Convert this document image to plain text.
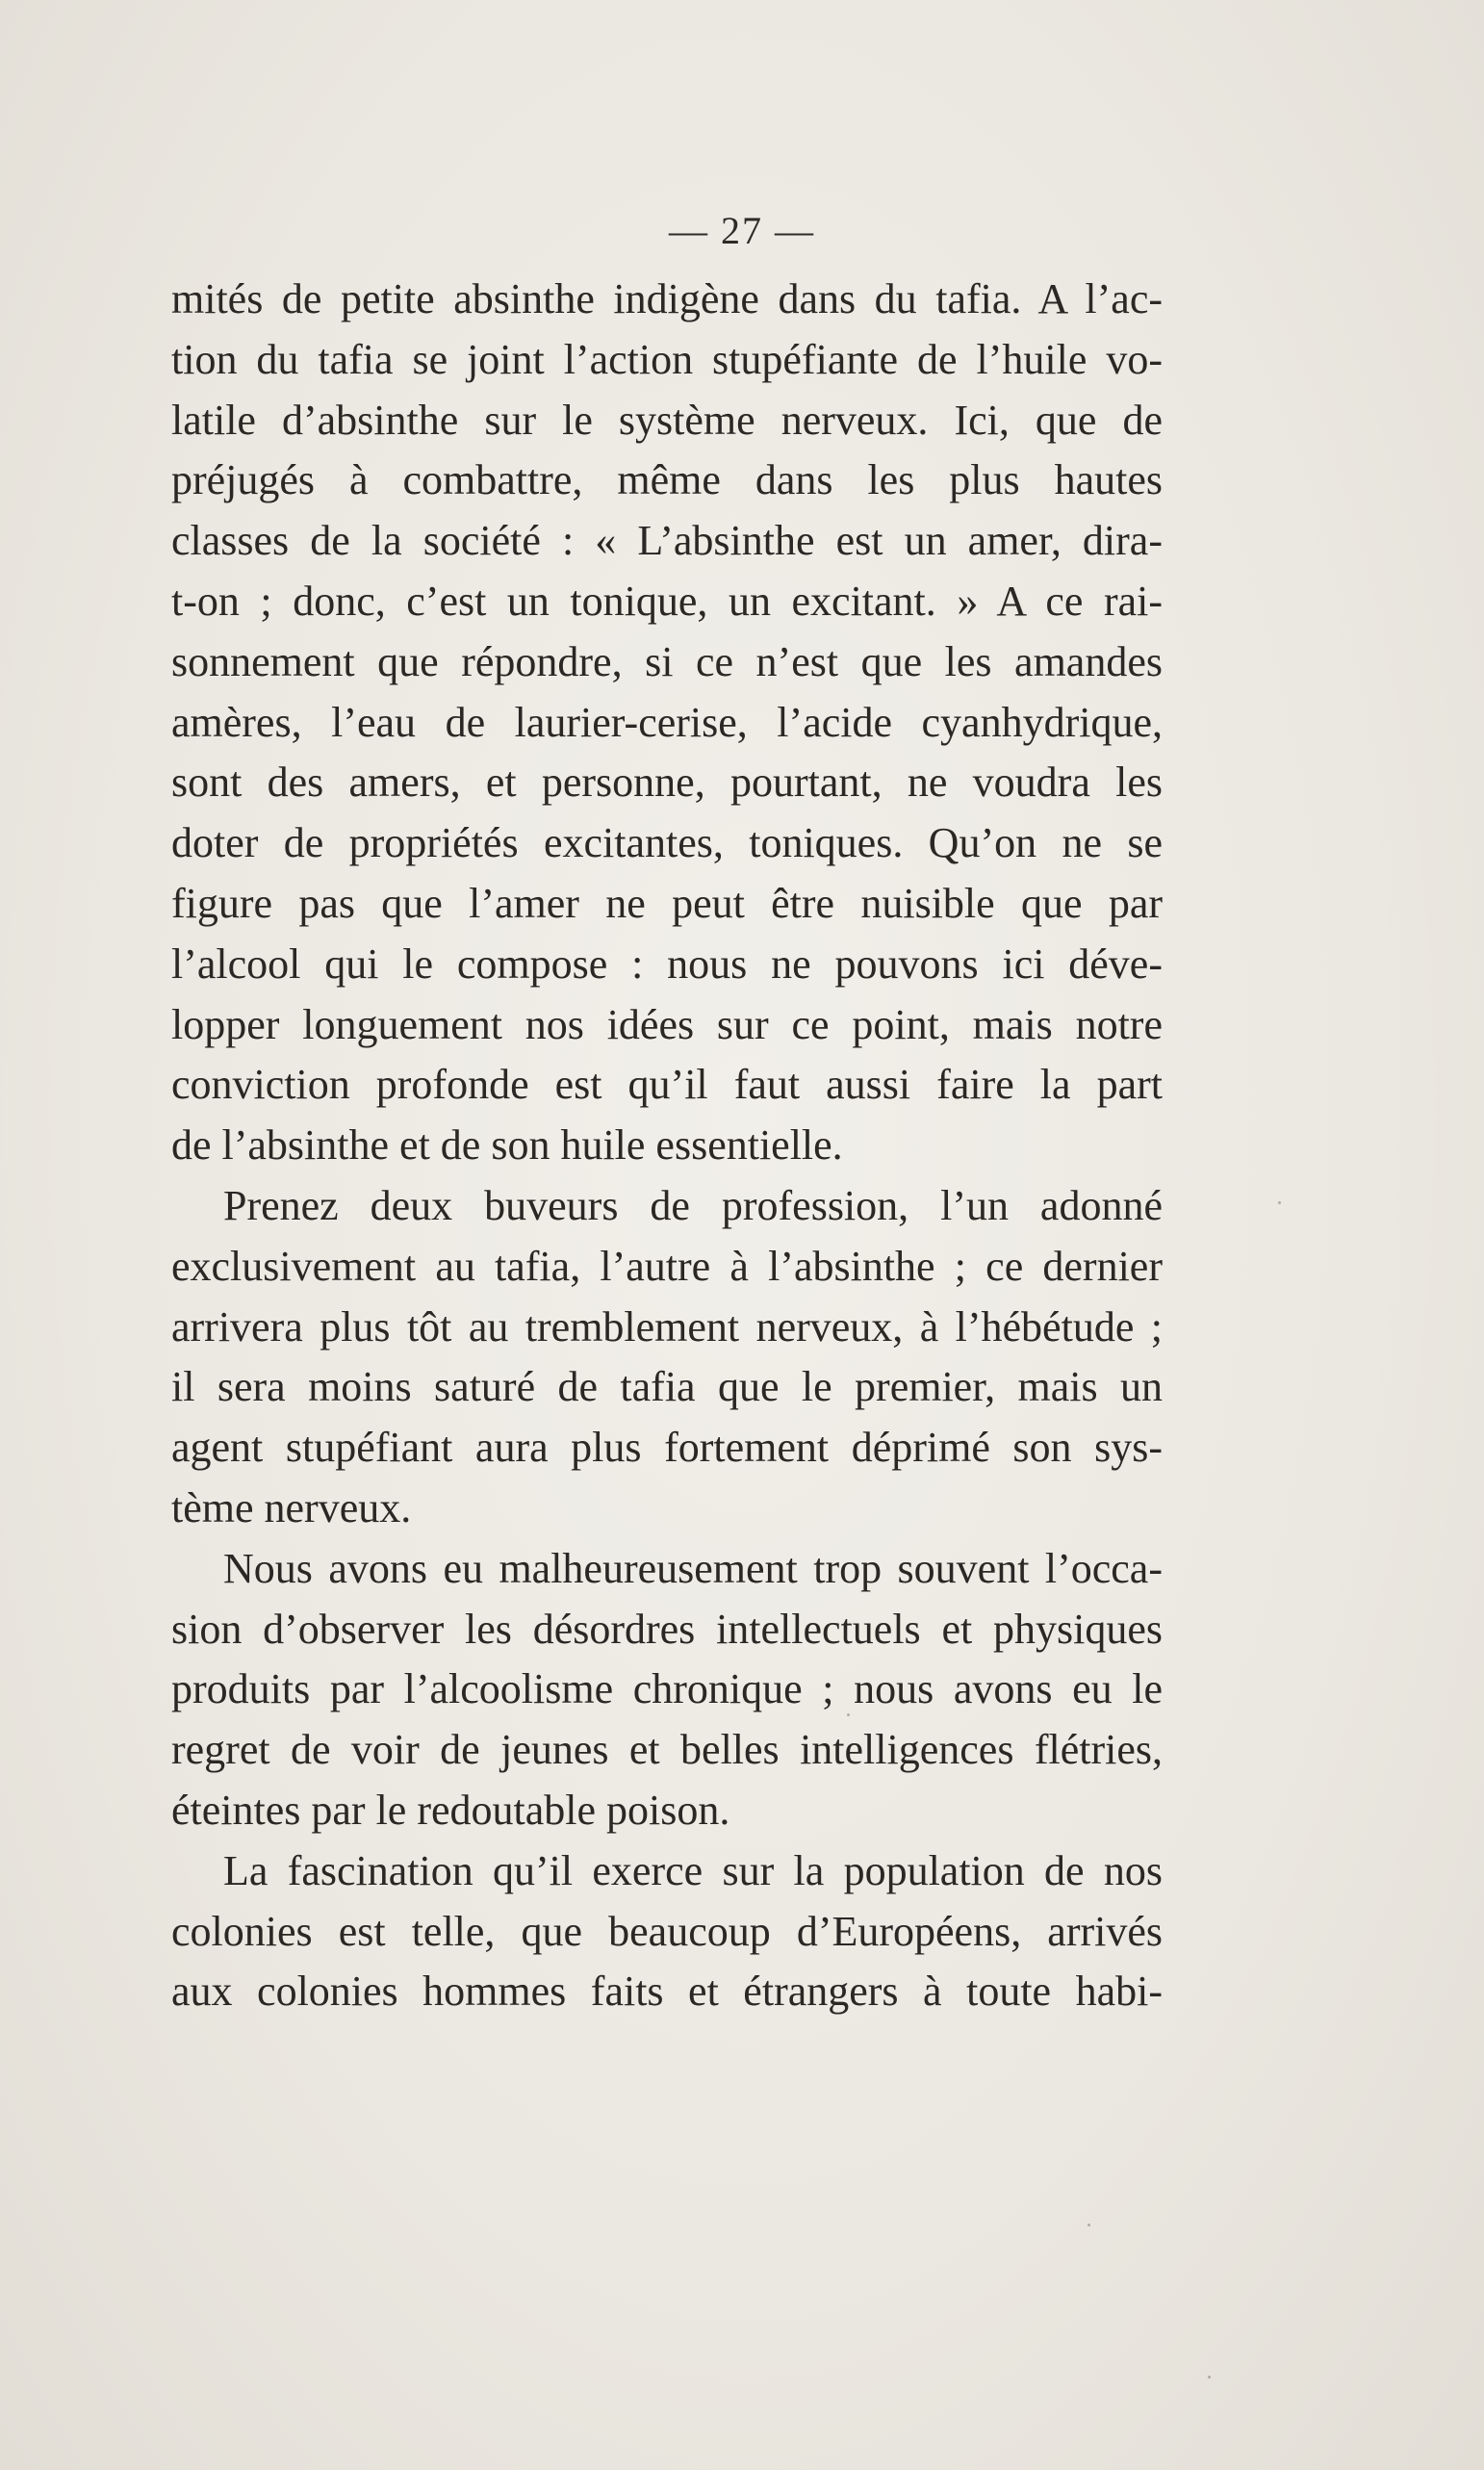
— 27 —
mités de petite absinthe indigène dans du tafia. A l’ac-
tion du tafia se joint l’action stupéfiante de l’huile vo-
latile d’absinthe sur le système nerveux. Ici, que de
préjugés à combattre, même dans les plus hautes
classes de la société : « L’absinthe est un amer, dira-
t-on ; donc, c’est un tonique, un excitant. » A ce rai-
sonnement que répondre, si ce n’est que les amandes
amères, l’eau de laurier-cerise, l’acide cyanhydrique,
sont des amers, et personne, pourtant, ne voudra les
doter de propriétés excitantes, toniques. Qu’on ne se
figure pas que l’amer ne peut être nuisible que par
l’alcool qui le compose : nous ne pouvons ici déve-
lopper longuement nos idées sur ce point, mais notre
conviction profonde est qu’il faut aussi faire la part
de l’absinthe et de son huile essentielle.
Prenez deux buveurs de profession, l’un adonné
exclusivement au tafia, l’autre à l’absinthe ; ce dernier
arrivera plus tôt au tremblement nerveux, à l’hébétude ;
il sera moins saturé de tafia que le premier, mais un
agent stupéfiant aura plus fortement déprimé son sys-
tème nerveux.
Nous avons eu malheureusement trop souvent l’occa-
sion d’observer les désordres intellectuels et physiques
produits par l’alcoolisme chronique ; nous avons eu le
regret de voir de jeunes et belles intelligences flétries,
éteintes par le redoutable poison.
La fascination qu’il exerce sur la population de nos
colonies est telle, que beaucoup d’Européens, arrivés
aux colonies hommes faits et étrangers à toute habi-
